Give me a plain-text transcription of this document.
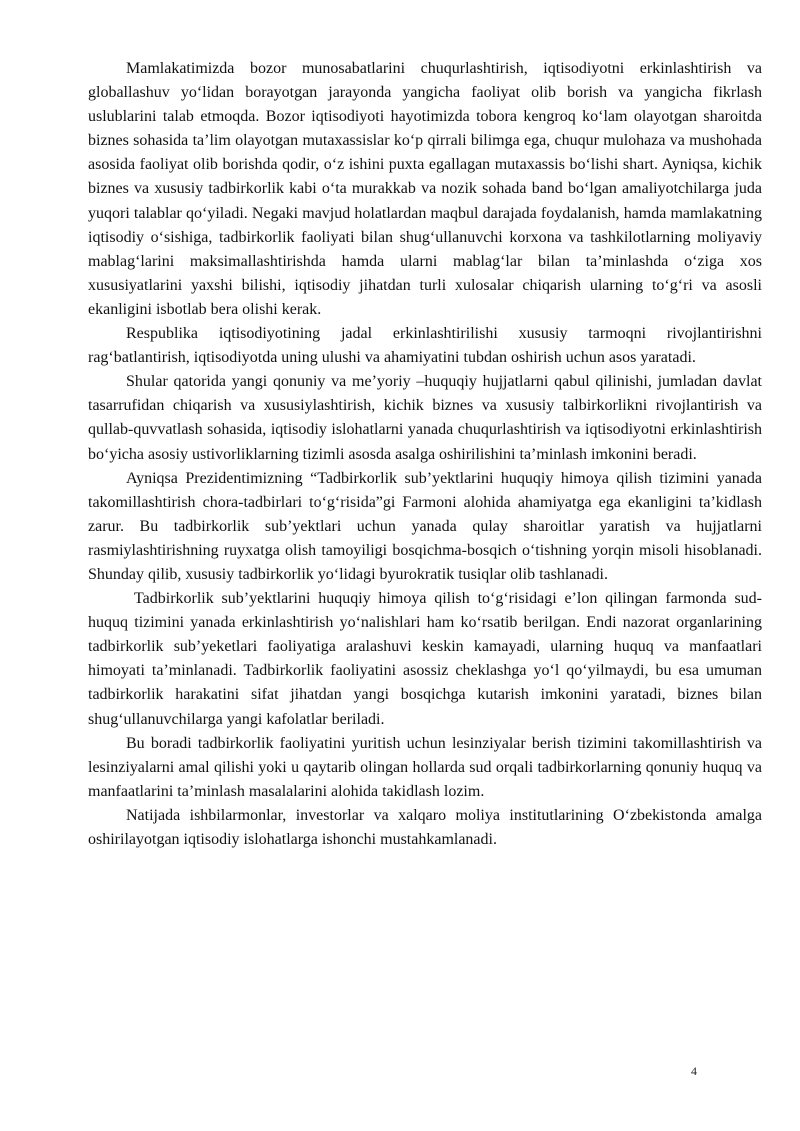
Mamlakatimizda bozor munosabatlarini chuqurlashtirish, iqtisodiyotni erkinlashtirish va globallashuv yo‘lidan borayotgan jarayonda yangicha faoliyat olib borish va yangicha fikrlash uslublarini talab etmoqda. Bozor iqtisodiyoti hayotimizda tobora kengroq ko‘lam olayotgan sharoitda biznes sohasida ta’lim olayotgan mutaxassislar ko‘p qirrali bilimga ega, chuqur mulohaza va mushohada asosida faoliyat olib borishda qodir, o‘z ishini puxta egallagan mutaxassis bo‘lishi shart. Ayniqsa, kichik biznes va xususiy tadbirkorlik kabi o‘ta murakkab va nozik sohada band bo‘lgan amaliyotchilarga juda yuqori talablar qo‘yiladi. Negaki mavjud holatlardan maqbul darajada foydalanish, hamda mamlakatning iqtisodiy o‘sishiga, tadbirkorlik faoliyati bilan shug‘ullanuvchi korxona va tashkilotlarning moliyaviy mablag‘larini maksimallashtirishda hamda ularni mablag‘lar bilan ta’minlashda o‘ziga xos xususiyatlarini yaxshi bilishi, iqtisodiy jihatdan turli xulosalar chiqarish ularning to‘g‘ri va asosli ekanligini isbotlab bera olishi kerak.

Respublika iqtisodiyotining jadal erkinlashtirilishi xususiy tarmoqni rivojlantirishni rag‘batlantirish, iqtisodiyotda uning ulushi va ahamiyatini tubdan oshirish uchun asos yaratadi.

Shular qatorida yangi qonuniy va me’yoriy –huquqiy hujjatlarni qabul qilinishi, jumladan davlat tasarrufidan chiqarish va xususiylashtirish, kichik biznes va xususiy talbirkorlikni rivojlantirish va qullab-quvvatlash sohasida, iqtisodiy islohatlarni yanada chuqurlashtirish va iqtisodiyotni erkinlashtirish bo‘yicha asosiy ustivorliklarning tizimli asosda asalga oshirilishini ta’minlash imkonini beradi.

Ayniqsa Prezidentimizning “Tadbirkorlik sub’yektlarini huquqiy himoya qilish tizimini yanada takomillashtirish chora-tadbirlari to‘g‘risida”gi Farmoni alohida ahamiyatga ega ekanligini ta’kidlash zarur. Bu tadbirkorlik sub’yektlari uchun yanada qulay sharoitlar yaratish va hujjatlarni rasmiylashtirishning ruyxatga olish tamoyiligi bosqichma-bosqich o‘tishning yorqin misoli hisoblanadi. Shunday qilib, xususiy tadbirkorlik yo‘lidagi byurokratik tusiqlar olib tashlanadi.

Tadbirkorlik sub’yektlarini huquqiy himoya qilish to‘g‘risidagi e’lon qilingan farmonda sud-huquq tizimini yanada erkinlashtirish yo‘nalishlari ham ko‘rsatib berilgan. Endi nazorat organlarining tadbirkorlik sub’yeketlari faoliyatiga aralashuvi keskin kamayadi, ularning huquq va manfaatlari himoyati ta’minlanadi. Tadbirkorlik faoliyatini asossiz cheklashga yo‘l qo‘yilmaydi, bu esa umuman tadbirkorlik harakatini sifat jihatdan yangi bosqichga kutarish imkonini yaratadi, biznes bilan shug‘ullanuvchilarga yangi kafolatlar beriladi.

Bu boradi tadbirkorlik faoliyatini yuritish uchun lesinziyalar berish tizimini takomillashtirish va lesinziyalarni amal qilishi yoki u qaytarib olingan hollarda sud orqali tadbirkorlarning qonuniy huquq va manfaatlarini ta’minlash masalalarini alohida takidlash lozim.

Natijada ishbilarmonlar, investorlar va xalqaro moliya institutlarining O‘zbekistonda amalga oshirilayotgan iqtisodiy islohatlarga ishonchi mustahkamlanadi.

4
